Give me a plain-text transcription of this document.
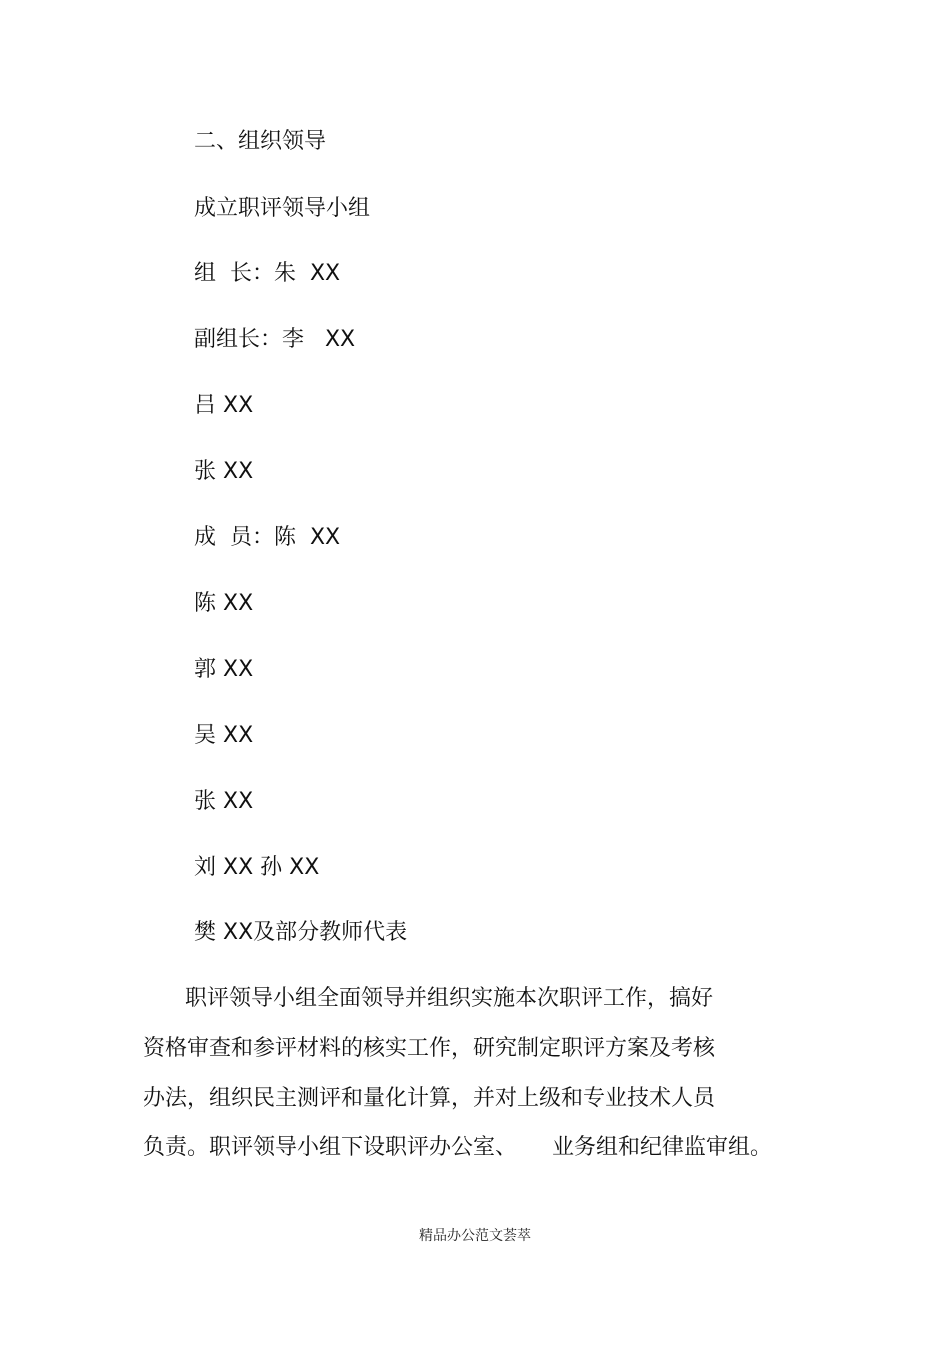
二、组织领导
成立职评领导小组
组  长：朱  XX
副组长：李   XX
吕 XX
张 XX
成  员：陈  XX
陈 XX
郭 XX
吴 XX
张 XX
刘 XX 孙 XX
樊 XX及部分教师代表
职评领导小组全面领导并组织实施本次职评工作，搞好
资格审查和参评材料的核实工作，研究制定职评方案及考核
办法，组织民主测评和量化计算，并对上级和专业技术人员
负责。职评领导小组下设职评办公室、     业务组和纪律监审组。
精品办公范文荟萃
